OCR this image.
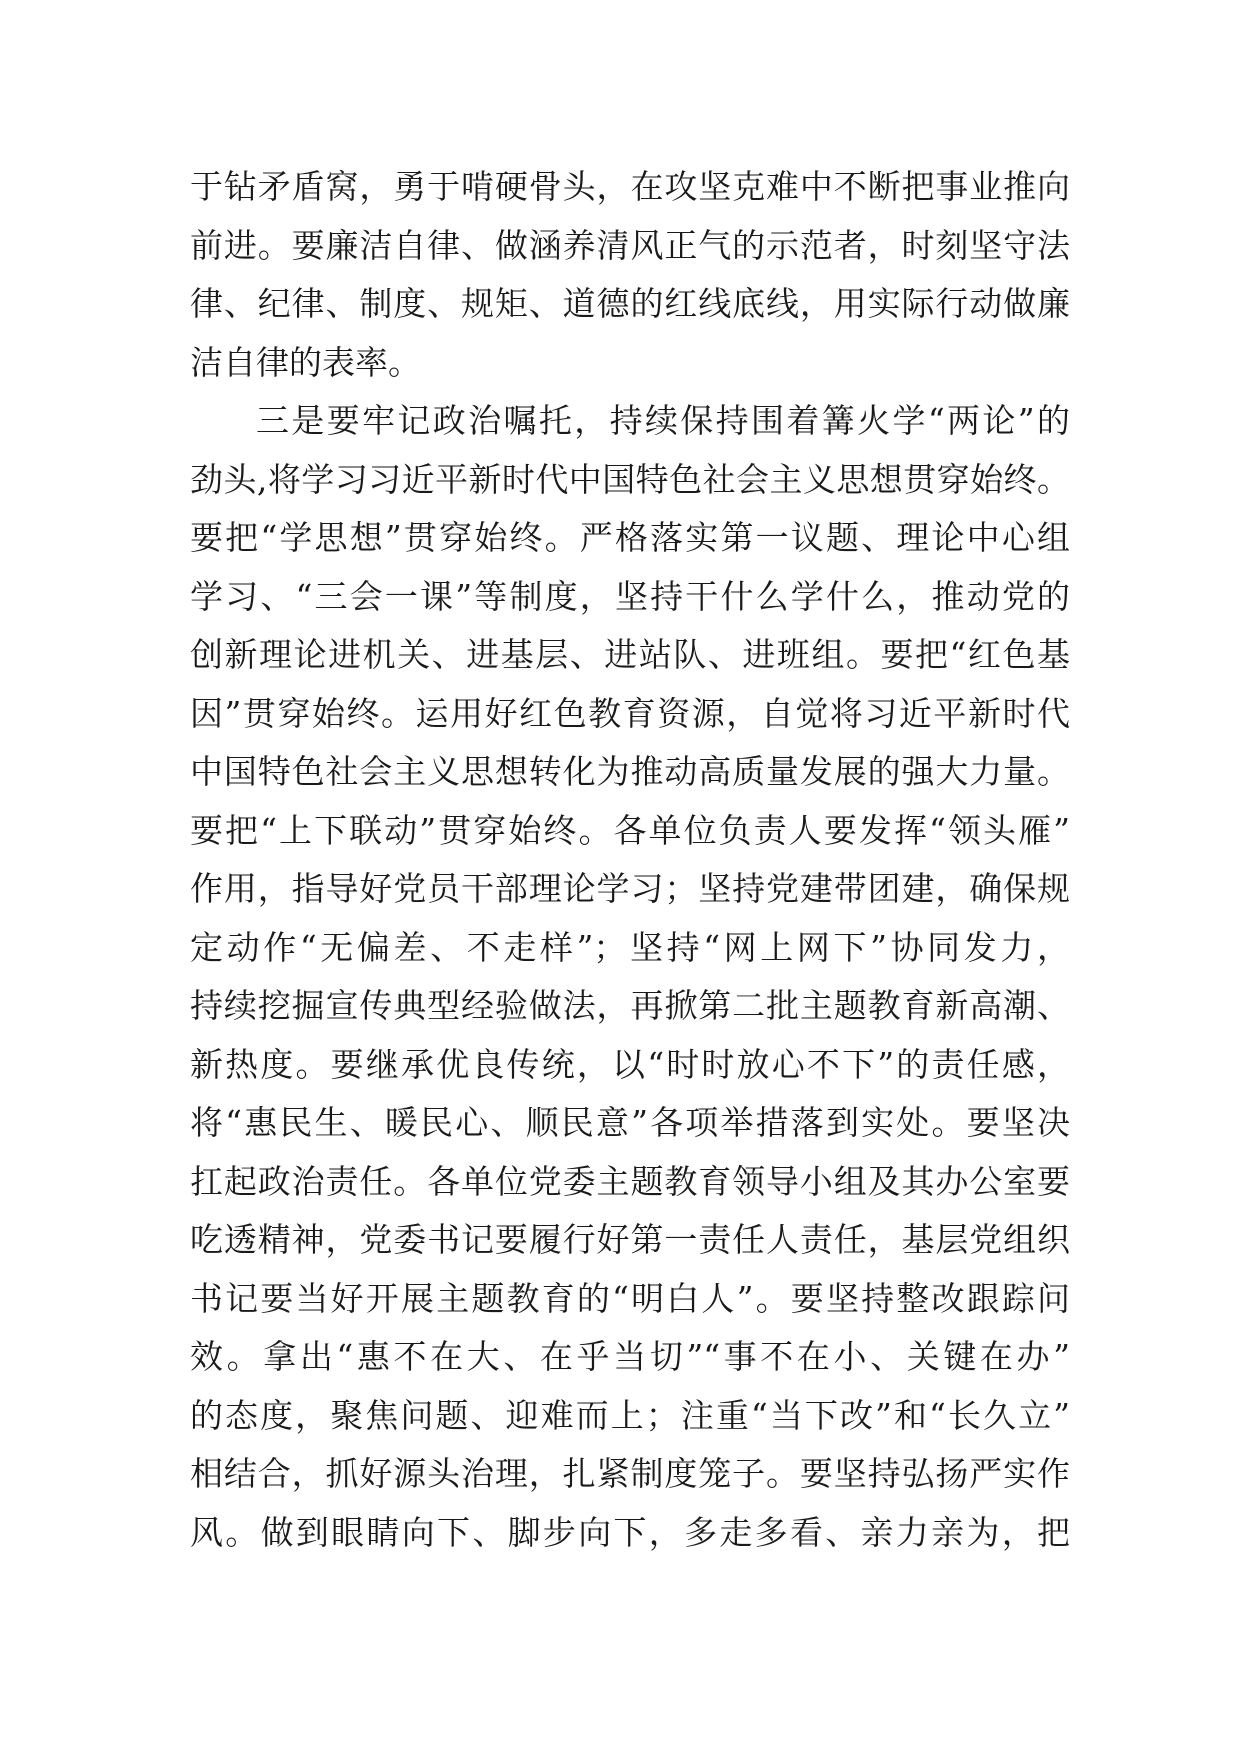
于钻矛盾窝，勇于啃硬骨头，在攻坚克难中不断把事业推向
前进。要廉洁自律、做涵养清风正气的示范者，时刻坚守法
律、纪律、制度、规矩、道德的红线底线，用实际行动做廉
洁自律的表率。
三是要牢记政治嘱托，持续保持围着篝火学“两论”的
劲头,将学习习近平新时代中国特色社会主义思想贯穿始终。
要把“学思想”贯穿始终。严格落实第一议题、理论中心组
学习、“三会一课”等制度，坚持干什么学什么，推动党的
创新理论进机关、进基层、进站队、进班组。要把“红色基
因”贯穿始终。运用好红色教育资源，自觉将习近平新时代
中国特色社会主义思想转化为推动高质量发展的强大力量。
要把“上下联动”贯穿始终。各单位负责人要发挥“领头雁”
作用，指导好党员干部理论学习；坚持党建带团建，确保规
定动作“无偏差、不走样”；坚持“网上网下”协同发力，
持续挖掘宣传典型经验做法，再掀第二批主题教育新高潮、
新热度。要继承优良传统，以“时时放心不下”的责任感，
将“惠民生、暖民心、顺民意”各项举措落到实处。要坚决
扛起政治责任。各单位党委主题教育领导小组及其办公室要
吃透精神，党委书记要履行好第一责任人责任，基层党组织
书记要当好开展主题教育的“明白人”。要坚持整改跟踪问
效。拿出“惠不在大、在乎当切”“事不在小、关键在办”
的态度，聚焦问题、迎难而上；注重“当下改”和“长久立”
相结合，抓好源头治理，扎紧制度笼子。要坚持弘扬严实作
风。做到眼睛向下、脚步向下，多走多看、亲力亲为，把
